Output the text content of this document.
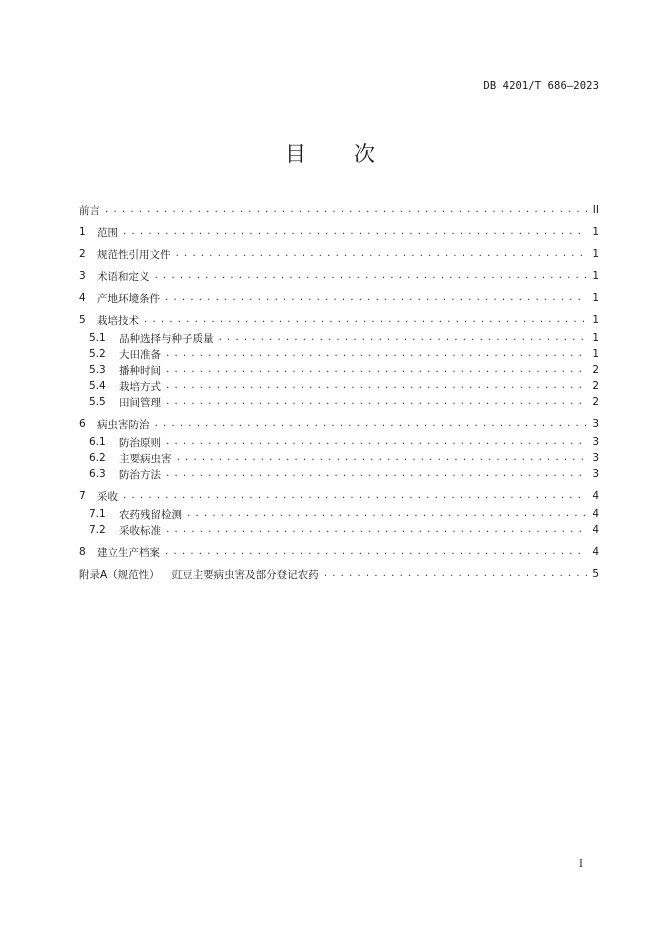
DB 4201/T 686—2023
目 次
前言 .....	II
1	范围 .....	1
2	规范性引用文件 .....	1
3	术语和定义 .....	1
4	产地环境条件 .....	1
5	栽培技术 .....	1
5.1	品种选择与种子质量 .....	1
5.2	大田准备 .....	1
5.3	播种时间 .....	2
5.4	栽培方式 .....	2
5.5	田间管理 .....	2
6	病虫害防治 .....	3
6.1	防治原则 .....	3
6.2	主要病虫害 .....	3
6.3	防治方法 .....	3
7	采收 .....	4
7.1	农药残留检测 .....	4
7.2	采收标准 .....	4
8	建立生产档案 .....	4
附录A（规范性） 豇豆主要病虫害及部分登记农药 .....	5
I
